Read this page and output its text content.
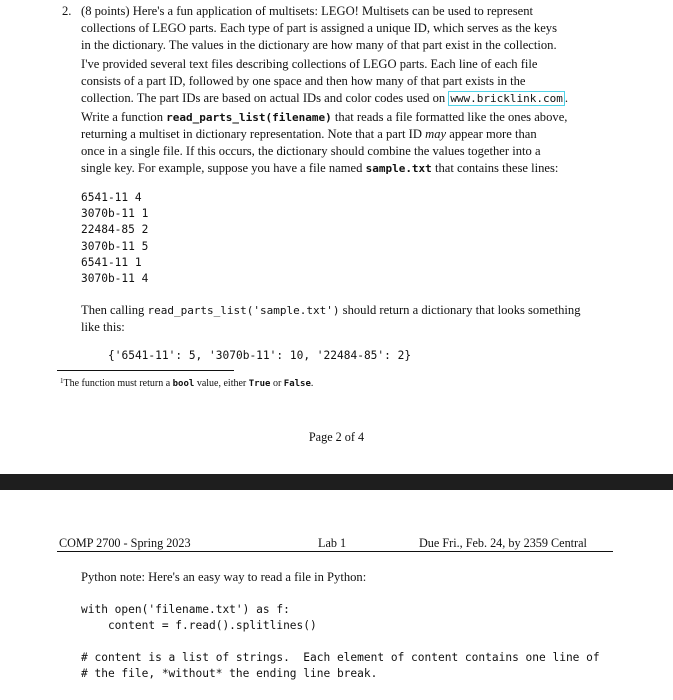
2. (8 points) Here's a fun application of multisets: LEGO! Multisets can be used to represent
collections of LEGO parts. Each type of part is assigned a unique ID, which serves as the keys
in the dictionary. The values in the dictionary are how many of that part exist in the collection.
I've provided several text files describing collections of LEGO parts. Each line of each file
consists of a part ID, followed by one space and then how many of that part exists in the
collection. The part IDs are based on actual IDs and color codes used on www.bricklink.com .
Write a function read_parts_list(filename) that reads a file formatted like the ones above,
returning a multiset in dictionary representation. Note that a part ID may appear more than
once in a single file. If this occurs, the dictionary should combine the values together into a
single key. For example, suppose you have a file named sample.txt that contains these lines:
6541-11 4
3070b-11 1
22484-85 2
3070b-11 5
6541-11 1
3070b-11 4
Then calling read_parts_list('sample.txt') should return a dictionary that looks something
like this:
{'6541-11': 5, '3070b-11': 10, '22484-85': 2}
$^1$The function must return a bool value, either True or False.
Page 2 of 4
COMP 2700 - Spring 2023	Lab 1	Due Fri., Feb. 24, by 2359 Central
Python note: Here's an easy way to read a file in Python:
with open('filename.txt') as f:
content = f.read().splitlines()
# content is a list of strings.  Each element of content contains one line of
# the file, *without* the ending line break.
